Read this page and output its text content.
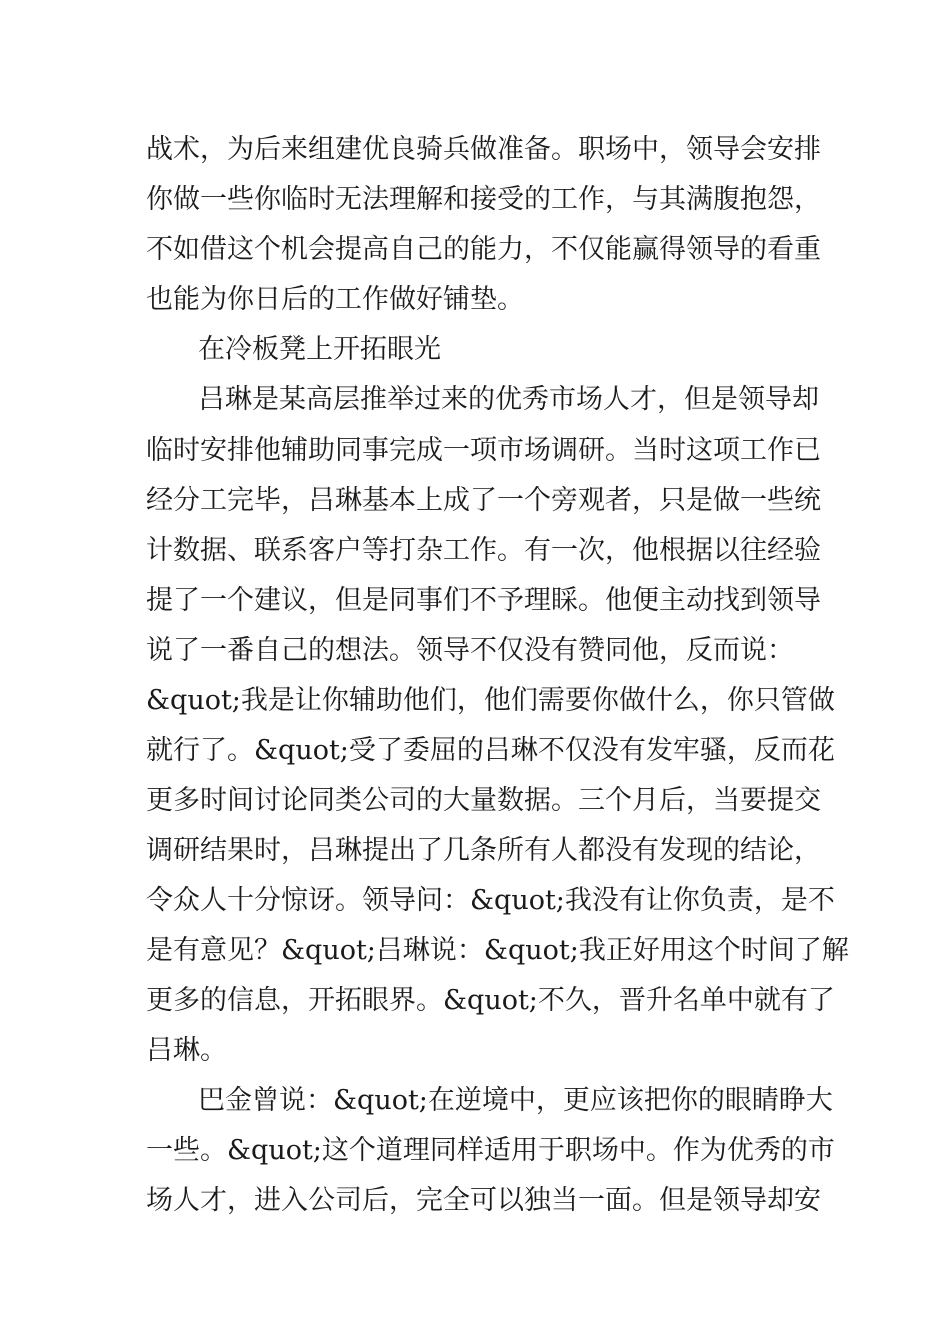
战术，为后来组建优良骑兵做准备。职场中，领导会安排
你做一些你临时无法理解和接受的工作，与其满腹抱怨，
不如借这个机会提高自己的能力，不仅能赢得领导的看重
也能为你日后的工作做好铺垫。
在冷板凳上开拓眼光
吕琳是某高层推举过来的优秀市场人才，但是领导却
临时安排他辅助同事完成一项市场调研。当时这项工作已
经分工完毕，吕琳基本上成了一个旁观者，只是做一些统
计数据、联系客户等打杂工作。有一次，他根据以往经验
提了一个建议，但是同事们不予理睬。他便主动找到领导
说了一番自己的想法。领导不仅没有赞同他，反而说：
&quot;我是让你辅助他们，他们需要你做什么，你只管做
就行了。&quot;受了委屈的吕琳不仅没有发牢骚，反而花
更多时间讨论同类公司的大量数据。三个月后，当要提交
调研结果时，吕琳提出了几条所有人都没有发现的结论，
令众人十分惊讶。领导问：&quot;我没有让你负责，是不
是有意见？&quot;吕琳说：&quot;我正好用这个时间了解
更多的信息，开拓眼界。&quot;不久，晋升名单中就有了
吕琳。
巴金曾说：&quot;在逆境中，更应该把你的眼睛睁大
一些。&quot;这个道理同样适用于职场中。作为优秀的市
场人才，进入公司后，完全可以独当一面。但是领导却安
